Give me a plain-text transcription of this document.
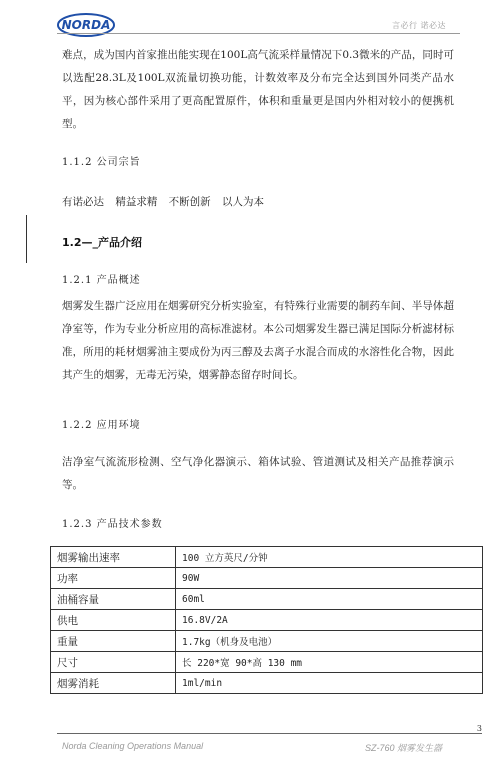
NORDA	言必行 诺必达

难点，成为国内首家推出能实现在100L高气流采样量情况下0.3微米的产品，同时可以选配28.3L及100L双流量切换功能，计数效率及分布完全达到国外同类产品水平，因为核心部件采用了更高配置原件，体积和重量更是国内外相对较小的便携机型。

1.1.2 公司宗旨
有诺必达 精益求精 不断创新 以人为本
1.2—_产品介绍
1.2.1 产品概述

烟雾发生器广泛应用在烟雾研究分析实验室，有特殊行业需要的制药车间、半导体超净室等，作为专业分析应用的高标准滤材。本公司烟雾发生器已满足国际分析滤材标准，所用的耗材烟雾油主要成份为丙三醇及去离子水混合而成的水溶性化合物，因此其产生的烟雾，无毒无污染，烟雾静态留存时间长。

1.2.2 应用环境

洁净室气流流形检测、空气净化器演示、箱体试验、管道测试及相关产品推荐演示等。

1.2.3 产品技术参数
烟雾输出速率	100 立方英尺/分钟
功率	90W
油桶容量	60ml
供电	16.8V/2A
重量	1.7kg（机身及电池）
尺寸	长 220*宽 90*高 130 mm
烟雾消耗	1ml/min
3
Norda Cleaning Operations Manual	SZ-760 烟雾发生器
